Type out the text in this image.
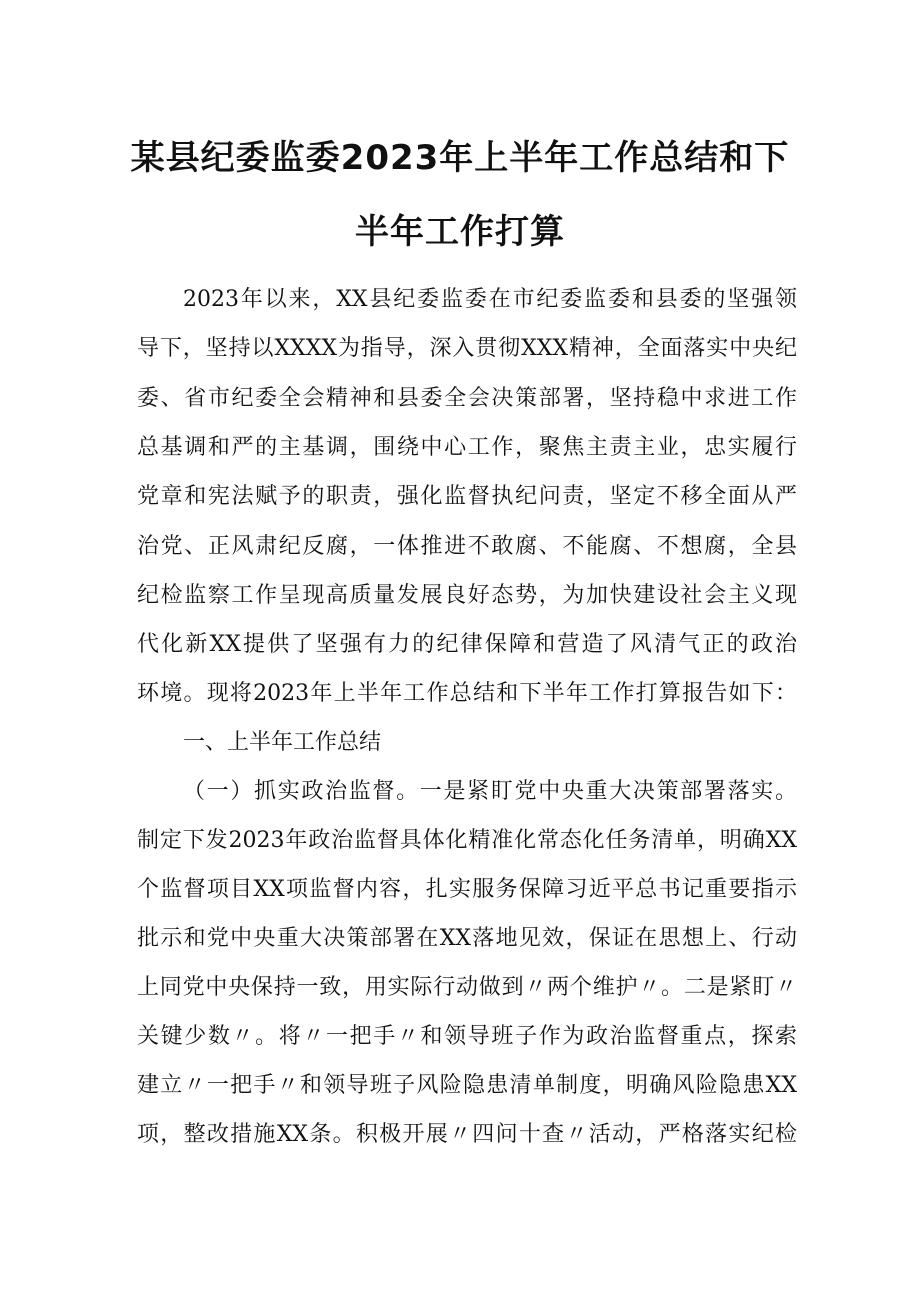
某县纪委监委2023年上半年工作总结和下
半年工作打算
2023年以来，XX县纪委监委在市纪委监委和县委的坚强领
导下，坚持以XXXX为指导，深入贯彻XXX精神，全面落实中央纪
委、省市纪委全会精神和县委全会决策部署，坚持稳中求进工作
总基调和严的主基调，围绕中心工作，聚焦主责主业，忠实履行
党章和宪法赋予的职责，强化监督执纪问责，坚定不移全面从严
治党、正风肃纪反腐，一体推进不敢腐、不能腐、不想腐，全县
纪检监察工作呈现高质量发展良好态势，为加快建设社会主义现
代化新XX提供了坚强有力的纪律保障和营造了风清气正的政治
环境。现将2023年上半年工作总结和下半年工作打算报告如下：
一、上半年工作总结
（一）抓实政治监督。一是紧盯党中央重大决策部署落实。
制定下发2023年政治监督具体化精准化常态化任务清单，明确XX
个监督项目XX项监督内容，扎实服务保障习近平总书记重要指示
批示和党中央重大决策部署在XX落地见效，保证在思想上、行动
上同党中央保持一致，用实际行动做到〃两个维护〃。二是紧盯〃
关键少数〃。将〃一把手〃和领导班子作为政治监督重点，探索
建立〃一把手〃和领导班子风险隐患清单制度，明确风险隐患XX
项，整改措施XX条。积极开展〃四问十查〃活动，严格落实纪检
